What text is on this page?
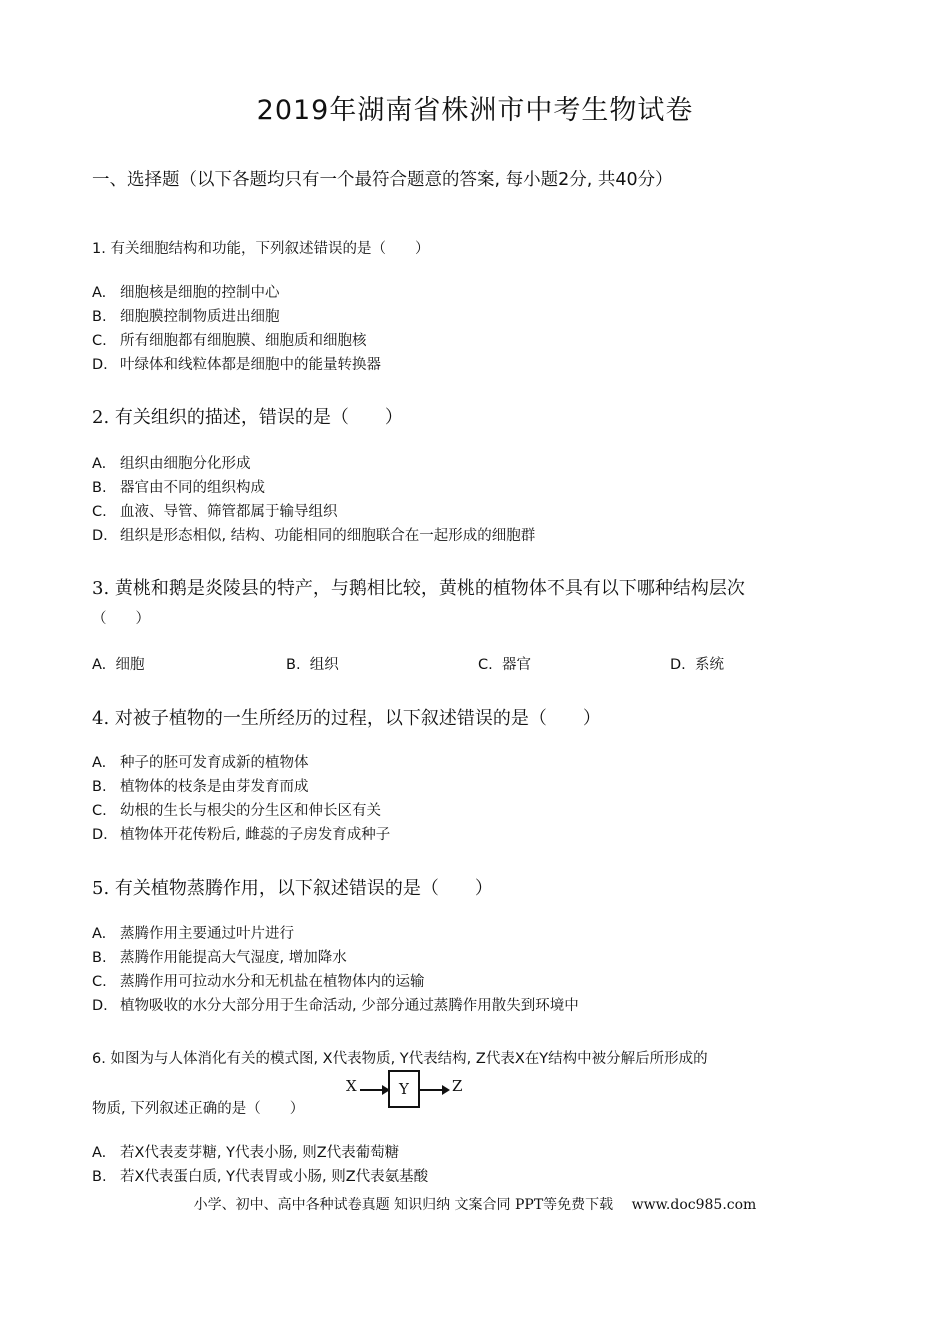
2019年湖南省株洲市中考生物试卷
一、选择题（以下各题均只有一个最符合题意的答案, 每小题2分, 共40分）
1. 有关细胞结构和功能，下列叙述错误的是（　　）
A. 细胞核是细胞的控制中心
B. 细胞膜控制物质进出细胞
C. 所有细胞都有细胞膜、细胞质和细胞核
D. 叶绿体和线粒体都是细胞中的能量转换器
2. 有关组织的描述，错误的是（　　）
A. 组织由细胞分化形成
B. 器官由不同的组织构成
C. 血液、导管、筛管都属于输导组织
D. 组织是形态相似, 结构、功能相同的细胞联合在一起形成的细胞群
3. 黄桃和鹅是炎陵县的特产，与鹅相比较，黄桃的植物体不具有以下哪种结构层次
（　　）
A. 细胞	B. 组织	C. 器官	D. 系统
4. 对被子植物的一生所经历的过程，以下叙述错误的是（　　）
A. 种子的胚可发育成新的植物体
B. 植物体的枝条是由芽发育而成
C. 幼根的生长与根尖的分生区和伸长区有关
D. 植物体开花传粉后, 雌蕊的子房发育成种子
5. 有关植物蒸腾作用，以下叙述错误的是（　　）
A. 蒸腾作用主要通过叶片进行
B. 蒸腾作用能提高大气湿度, 增加降水
C. 蒸腾作用可拉动水分和无机盐在植物体内的运输
D. 植物吸收的水分大部分用于生命活动, 少部分通过蒸腾作用散失到环境中
6. 如图为与人体消化有关的模式图, X代表物质, Y代表结构, Z代表X在Y结构中被分解后所形成的
物质, 下列叙述正确的是（　　）
X	Y	Z
A. 若X代表麦芽糖, Y代表小肠, 则Z代表葡萄糖
B. 若X代表蛋白质, Y代表胃或小肠, 则Z代表氨基酸
小学、初中、高中各种试卷真题 知识归纳 文案合同 PPT等免费下载　 www.doc985.com
